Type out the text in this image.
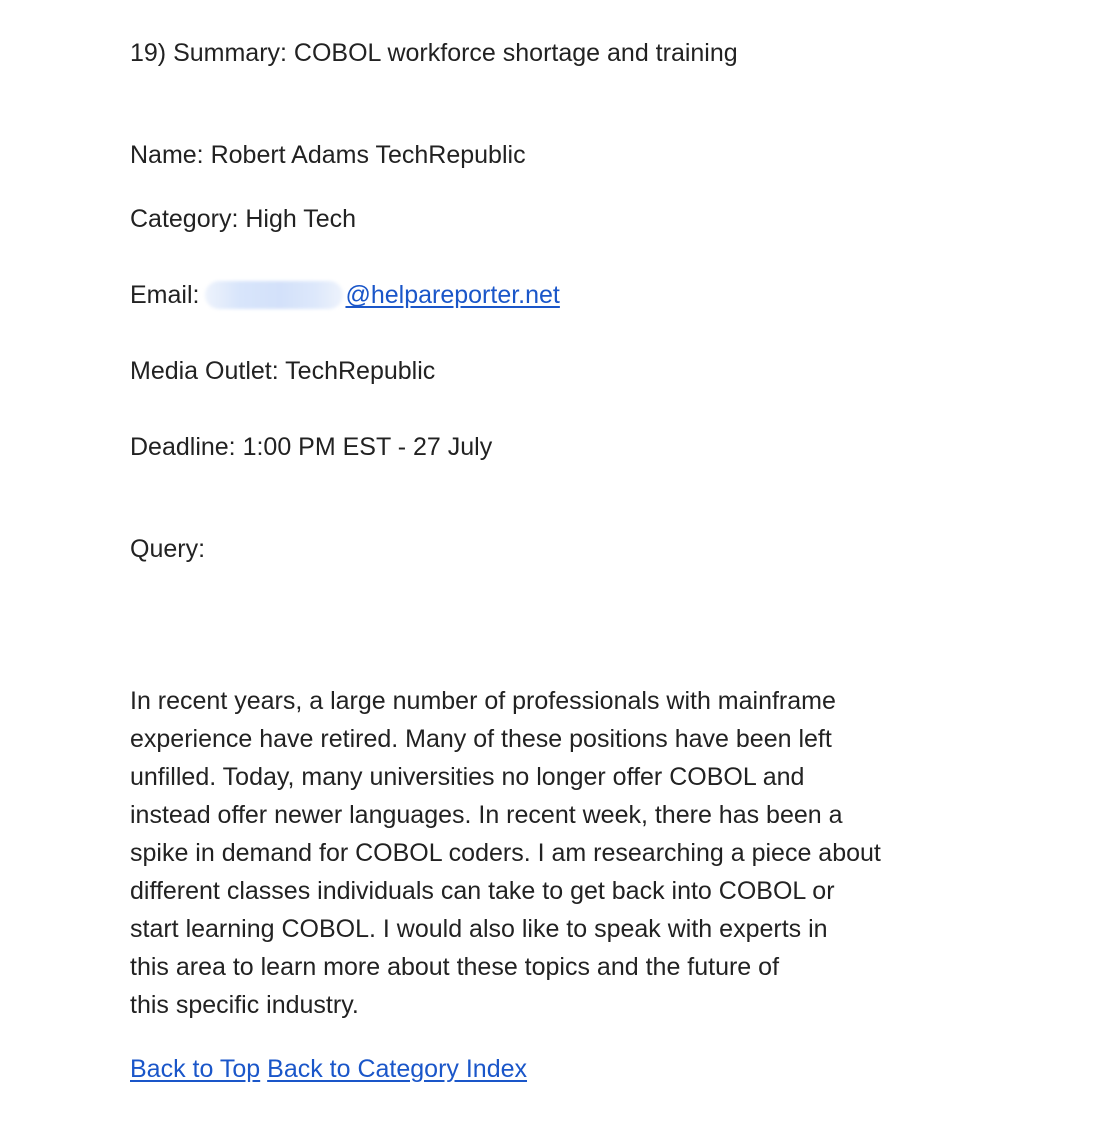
19) Summary: COBOL workforce shortage and training
Name: Robert Adams TechRepublic
Category: High Tech
Email:	@helpareporter.net
Media Outlet: TechRepublic
Deadline: 1:00 PM EST - 27 July
Query:
In recent years, a large number of professionals with mainframe
experience have retired. Many of these positions have been left
unfilled. Today, many universities no longer offer COBOL and
instead offer newer languages. In recent week, there has been a
spike in demand for COBOL coders. I am researching a piece about
different classes individuals can take to get back into COBOL or
start learning COBOL. I would also like to speak with experts in
this area to learn more about these topics and the future of
this specific industry.
Back to Top Back to Category Index
